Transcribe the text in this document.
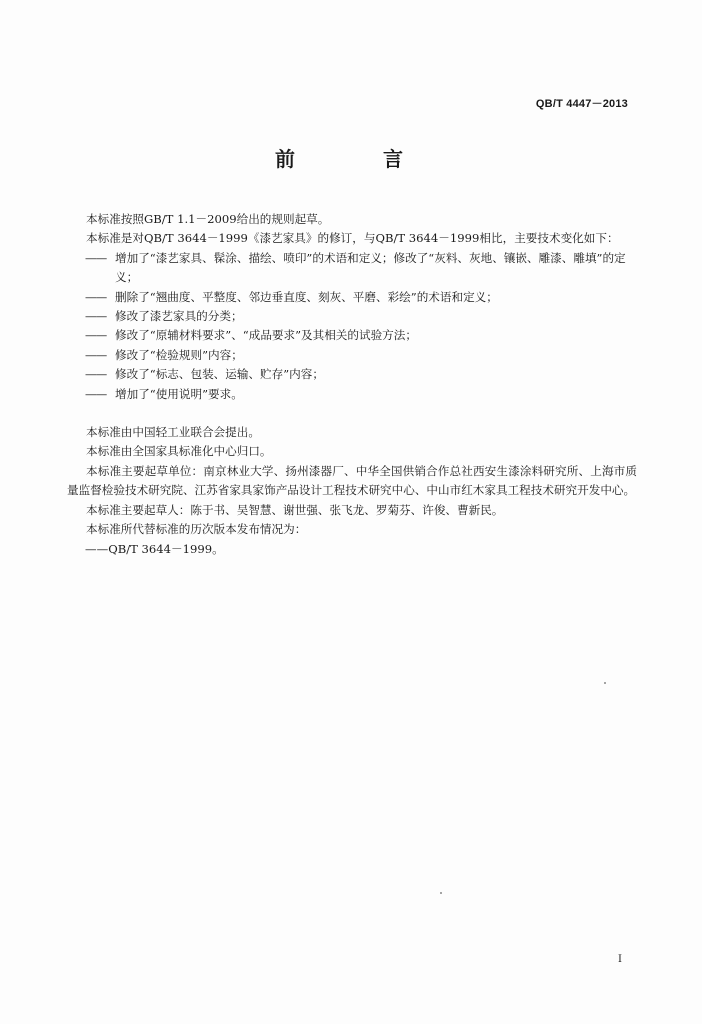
QB/T 4447－2013
前　言

本标准按照GB/T 1.1－2009给出的规则起草。

本标准是对QB/T 3644－1999《漆艺家具》的修订，与QB/T 3644－1999相比，主要技术变化如下：

—— 增加了“漆艺家具、髹涂、描绘、喷印”的术语和定义；修改了“灰料、灰地、镶嵌、雕漆、雕填”的定义；

—— 删除了“翘曲度、平整度、邻边垂直度、刻灰、平磨、彩绘”的术语和定义；

—— 修改了漆艺家具的分类；

—— 修改了“原辅材料要求”、“成品要求”及其相关的试验方法；

—— 修改了“检验规则”内容；

—— 修改了“标志、包装、运输、贮存”内容；

—— 增加了“使用说明”要求。

本标准由中国轻工业联合会提出。

本标准由全国家具标准化中心归口。

本标准主要起草单位：南京林业大学、扬州漆器厂、中华全国供销合作总社西安生漆涂料研究所、上海市质量监督检验技术研究院、江苏省家具家饰产品设计工程技术研究中心、中山市红木家具工程技术研究开发中心。

本标准主要起草人：陈于书、吴智慧、谢世强、张飞龙、罗菊芬、许俊、曹新民。

本标准所代替标准的历次版本发布情况为：

——QB/T 3644－1999。

I
